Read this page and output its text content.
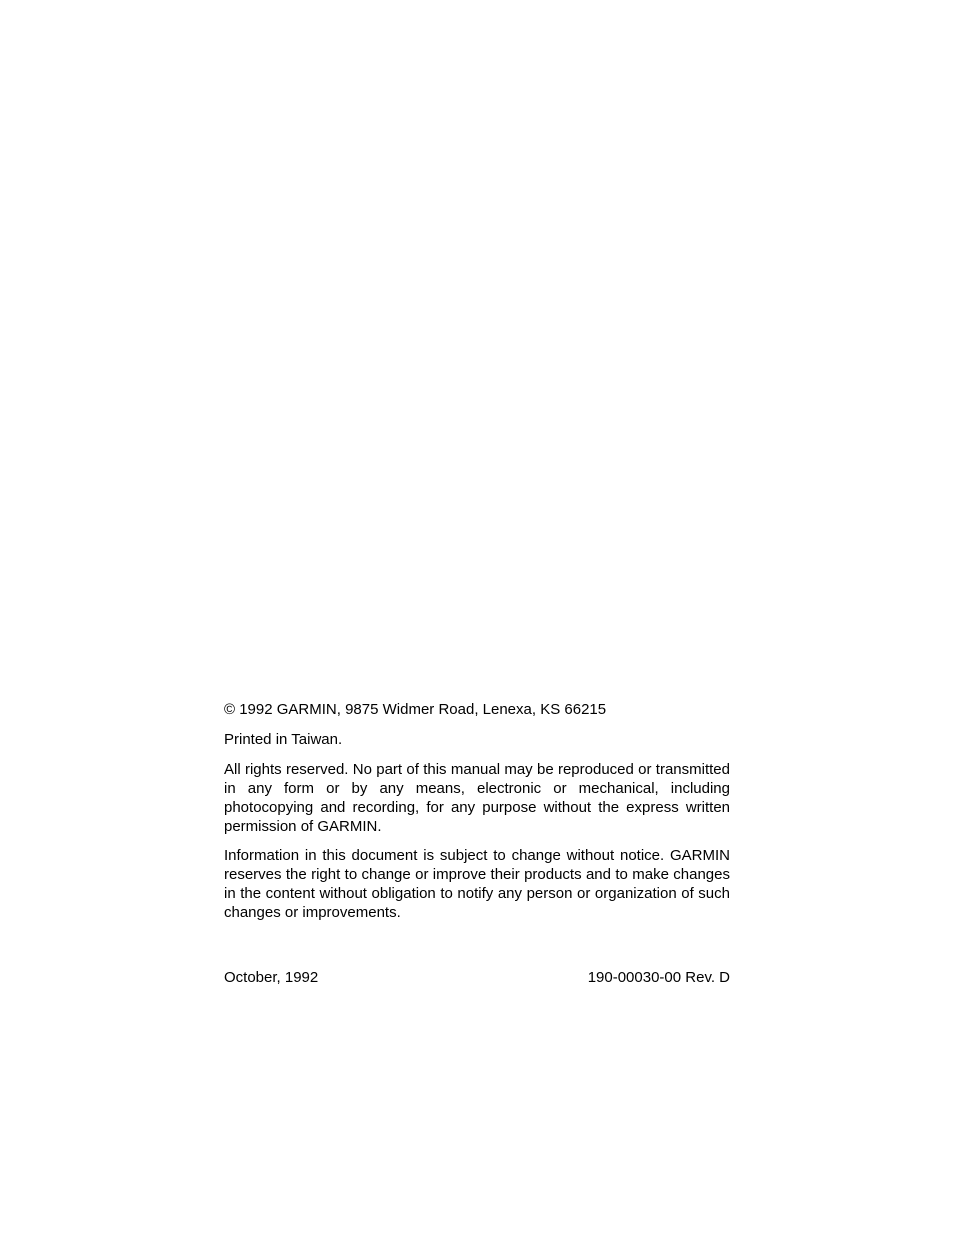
© 1992 GARMIN, 9875 Widmer Road, Lenexa, KS 66215

Printed in Taiwan.

All rights reserved. No part of this manual may be reproduced or transmitted in any form or by any means, electronic or mechanical, including photocopying and recording, for any purpose without the express written permission of GARMIN.

Information in this document is subject to change without notice. GARMIN reserves the right to change or improve their products and to make changes in the content without obligation to notify any person or organization of such changes or improvements.

October, 1992	190-00030-00 Rev. D
